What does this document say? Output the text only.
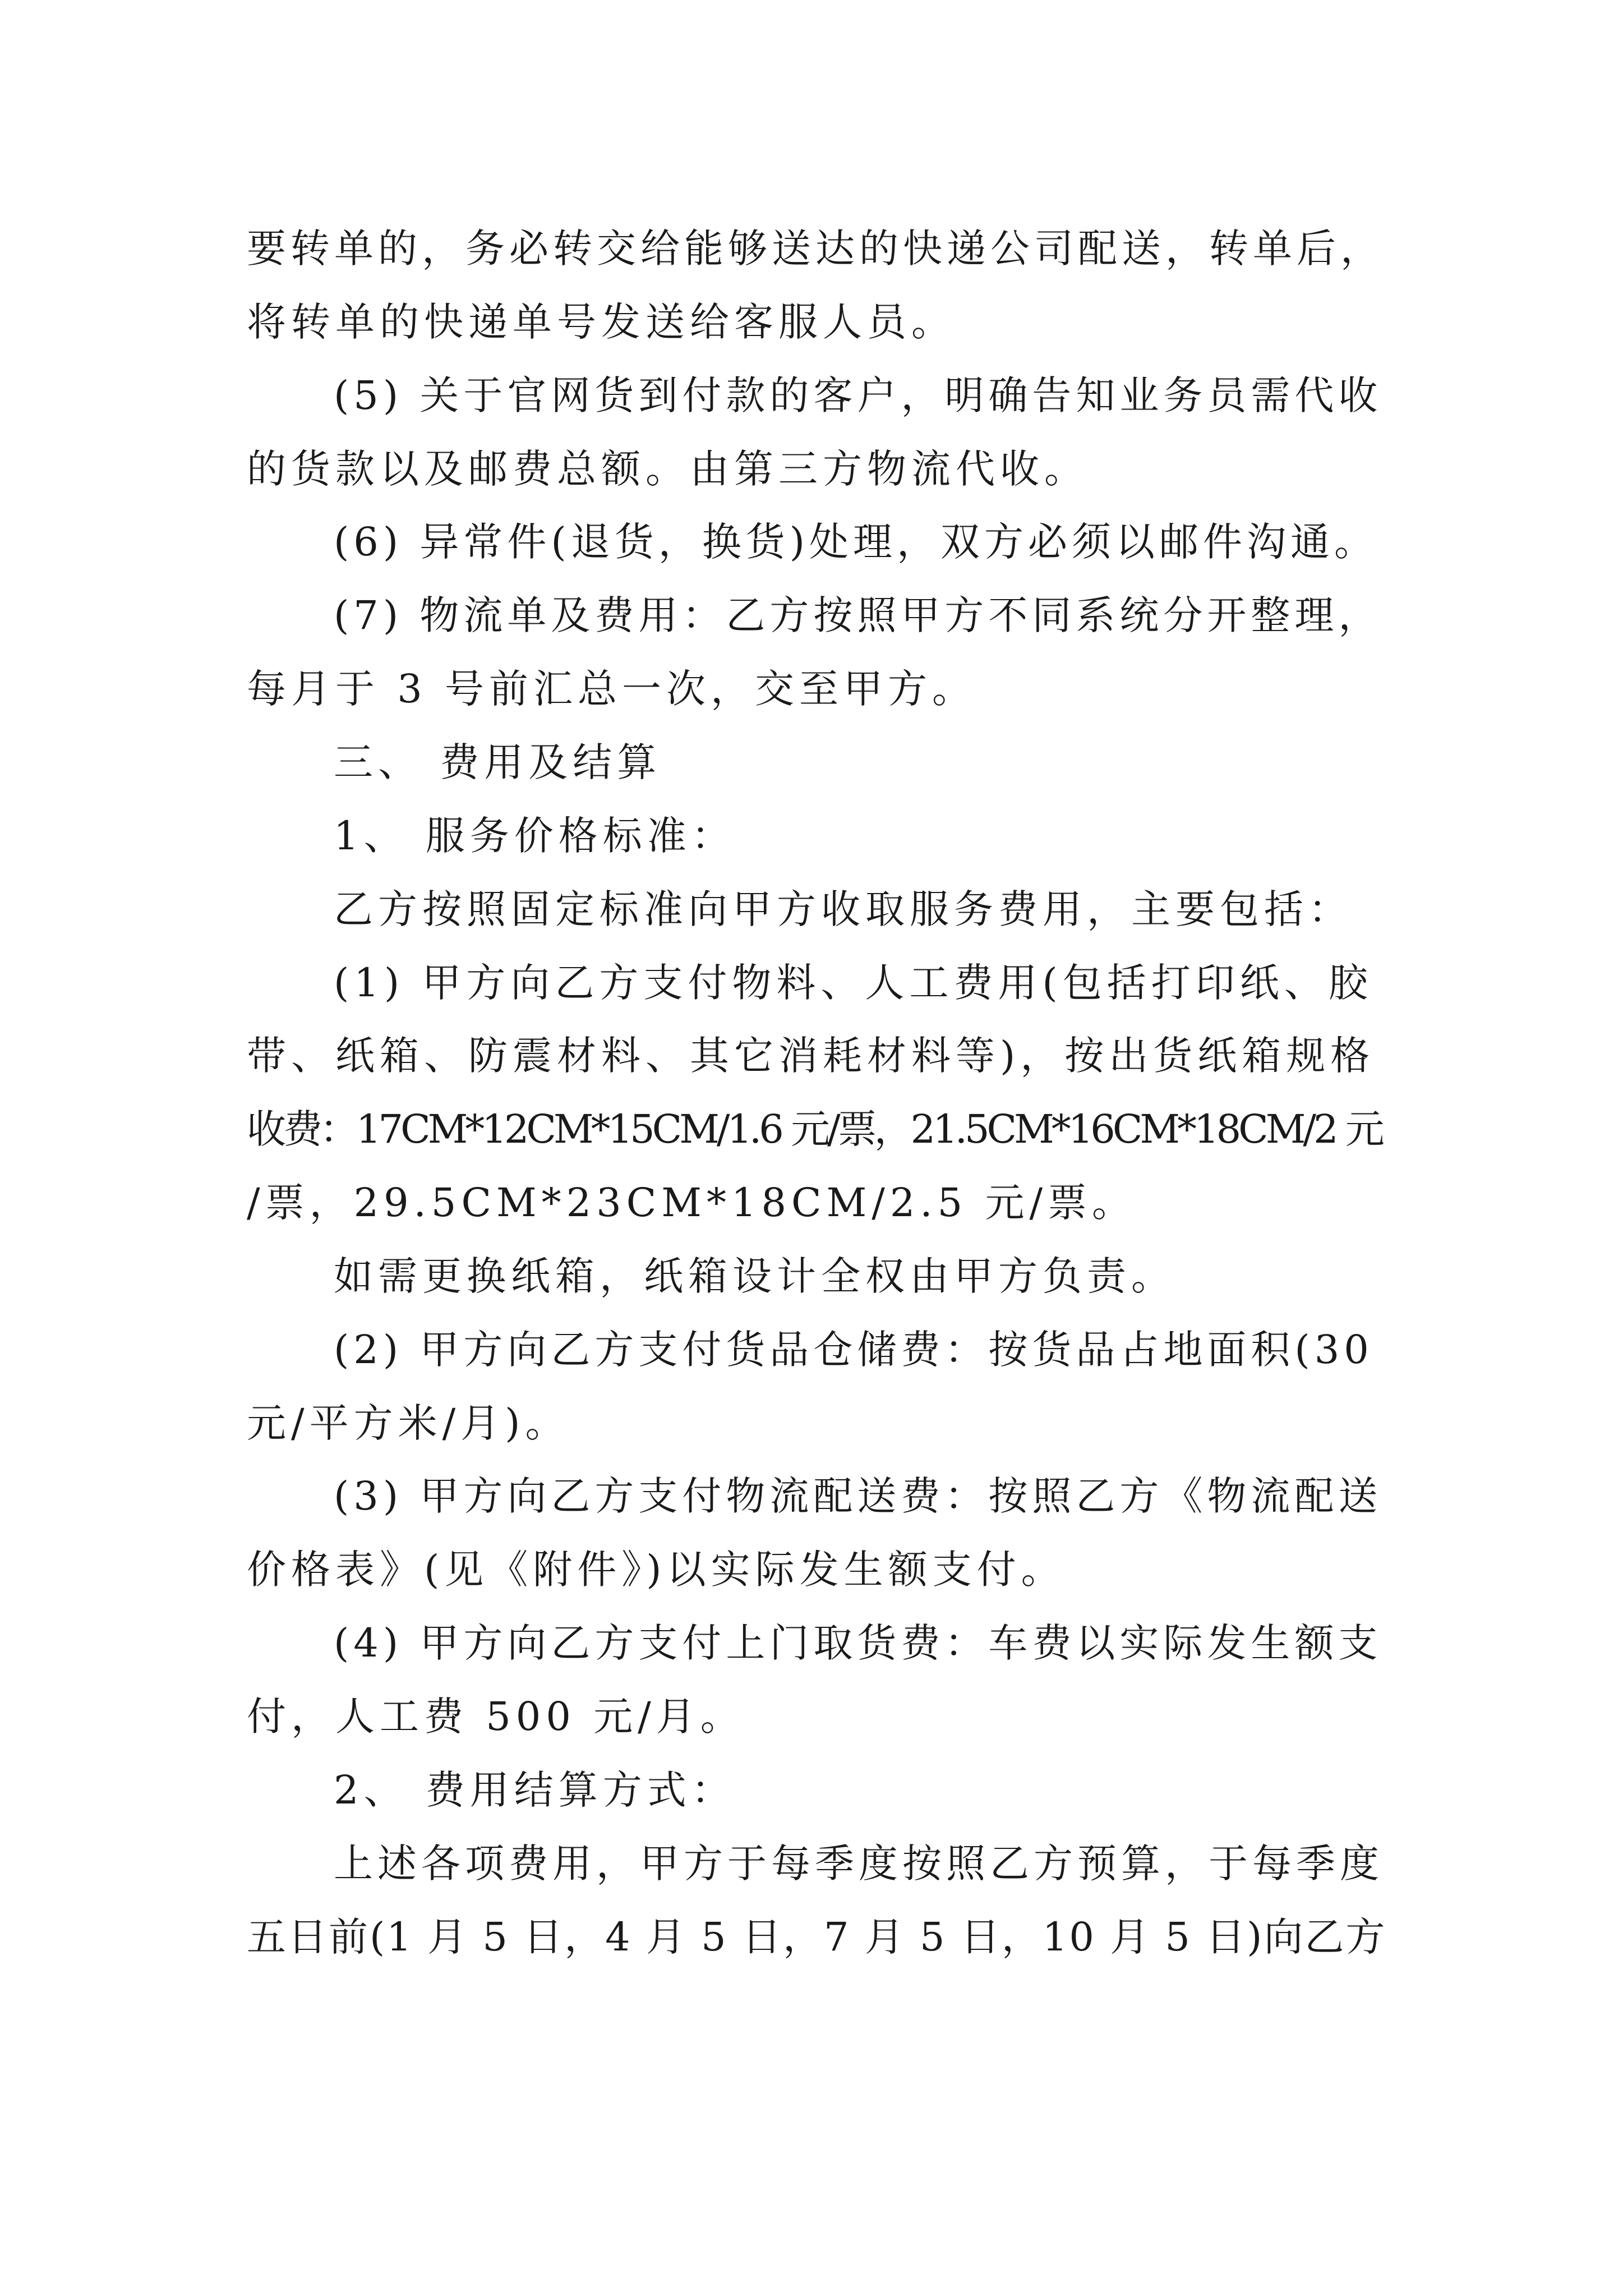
要转单的，务必转交给能够送达的快递公司配送，转单后，
将转单的快递单号发送给客服人员。
(5) 关于官网货到付款的客户，明确告知业务员需代收
的货款以及邮费总额。由第三方物流代收。
(6) 异常件(退货，换货)处理，双方必须以邮件沟通。
(7) 物流单及费用：乙方按照甲方不同系统分开整理，
每月于 3 号前汇总一次，交至甲方。
三、 费用及结算
1、 服务价格标准：
乙方按照固定标准向甲方收取服务费用，主要包括：
(1) 甲方向乙方支付物料、人工费用(包括打印纸、胶
带、纸箱、防震材料、其它消耗材料等)，按出货纸箱规格
收费：17CM*12CM*15CM/1.6 元/票，21.5CM*16CM*18CM/2 元
/票，29.5CM*23CM*18CM/2.5 元/票。
如需更换纸箱，纸箱设计全权由甲方负责。
(2) 甲方向乙方支付货品仓储费：按货品占地面积(30
元/平方米/月)。
(3) 甲方向乙方支付物流配送费：按照乙方《物流配送
价格表》(见《附件》)以实际发生额支付。
(4) 甲方向乙方支付上门取货费：车费以实际发生额支
付，人工费 500 元/月。
2、 费用结算方式：
上述各项费用，甲方于每季度按照乙方预算，于每季度
五日前(1 月 5 日，4 月 5 日，7 月 5 日，10 月 5 日)向乙方
